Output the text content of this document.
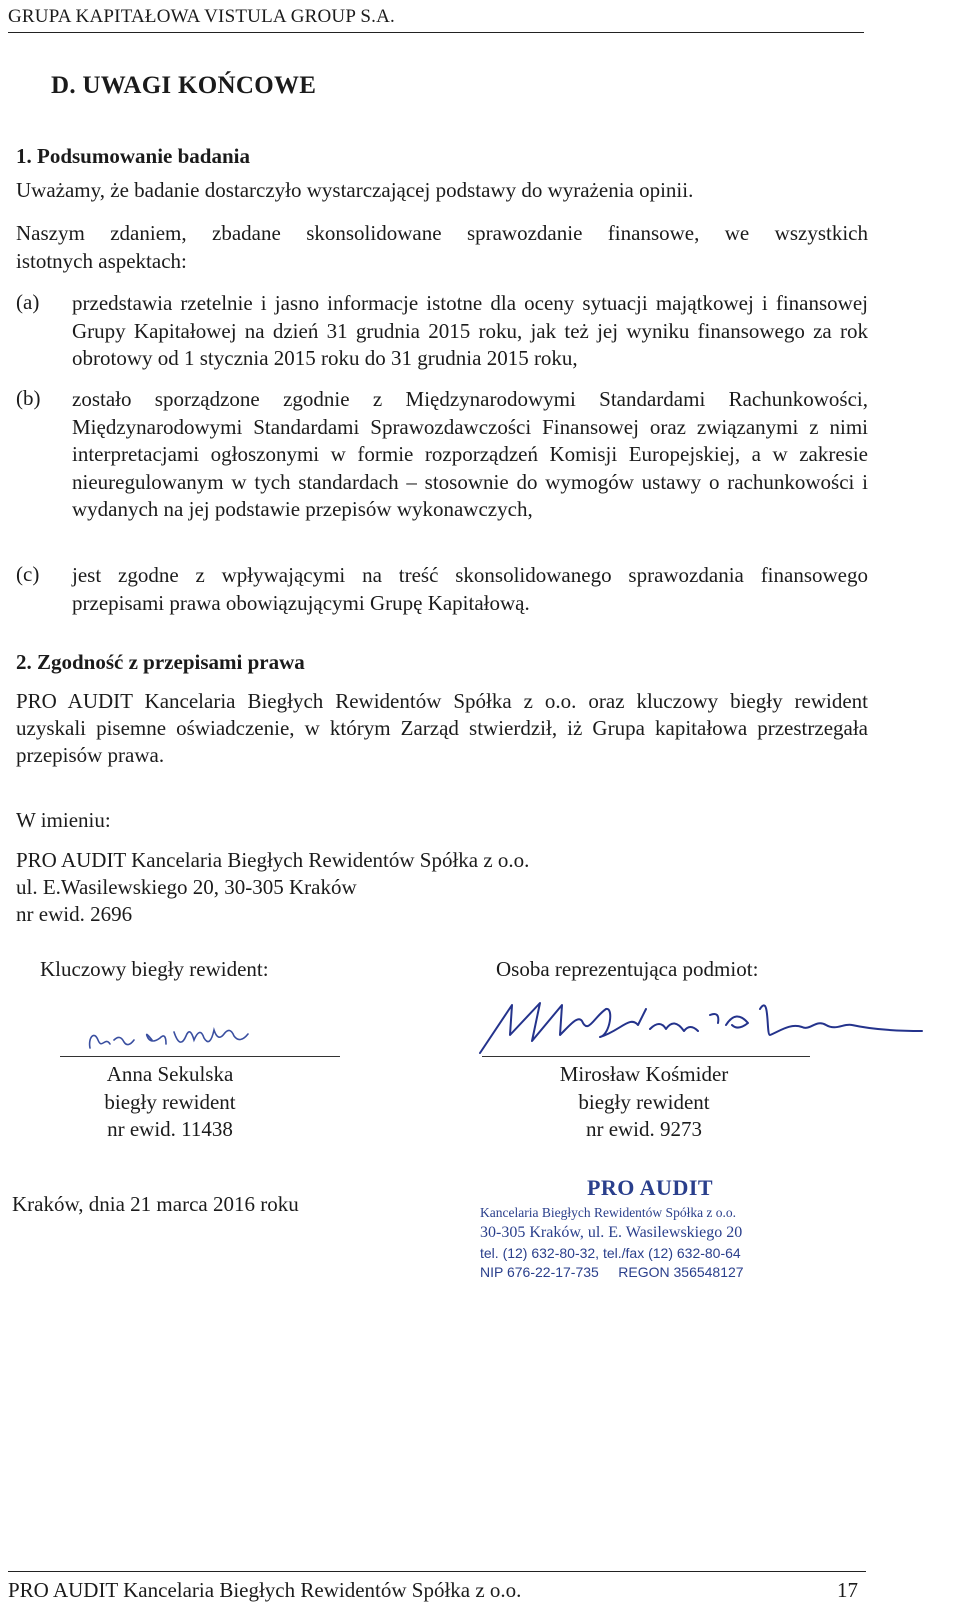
GRUPA KAPITAŁOWA VISTULA GROUP S.A.
D. UWAGI KOŃCOWE
1. Podsumowanie badania
Uważamy, że badanie dostarczyło wystarczającej podstawy do wyrażenia opinii.
Naszym zdaniem, zbadane skonsolidowane sprawozdanie finansowe, we wszystkich
istotnych aspektach:
(a) przedstawia rzetelnie i jasno informacje istotne dla oceny sytuacji majątkowej i finansowej Grupy Kapitałowej na dzień 31 grudnia 2015 roku, jak też jej wyniku finansowego za rok obrotowy od 1 stycznia 2015 roku do 31 grudnia 2015 roku,
(b) zostało sporządzone zgodnie z Międzynarodowymi Standardami Rachunkowości, Międzynarodowymi Standardami Sprawozdawczości Finansowej oraz związanymi z nimi interpretacjami ogłoszonymi w formie rozporządzeń Komisji Europejskiej, a w zakresie nieuregulowanym w tych standardach – stosownie do wymogów ustawy o rachunkowości i wydanych na jej podstawie przepisów wykonawczych,
(c) jest zgodne z wpływającymi na treść skonsolidowanego sprawozdania finansowego przepisami prawa obowiązującymi Grupę Kapitałową.
2. Zgodność z przepisami prawa
PRO AUDIT Kancelaria Biegłych Rewidentów Spółka z o.o. oraz kluczowy biegły rewident uzyskali pisemne oświadczenie, w którym Zarząd stwierdził, iż Grupa kapitałowa przestrzegała przepisów prawa.
W imieniu:
PRO AUDIT Kancelaria Biegłych Rewidentów Spółka z o.o.
ul. E.Wasilewskiego 20, 30-305 Kraków
nr ewid. 2696
Kluczowy biegły rewident:	Osoba reprezentująca podmiot:
Anna Sekulska
biegły rewident
nr ewid. 11438
Mirosław Kośmider
biegły rewident
nr ewid. 9273
Kraków, dnia 21 marca 2016 roku
PRO AUDIT
Kancelaria Biegłych Rewidentów Spółka z o.o.
30-305 Kraków, ul. E. Wasilewskiego 20
tel. (12) 632-80-32, tel./fax (12) 632-80-64
NIP 676-22-17-735     REGON 356548127
PRO AUDIT Kancelaria Biegłych Rewidentów Spółka z o.o.	17
